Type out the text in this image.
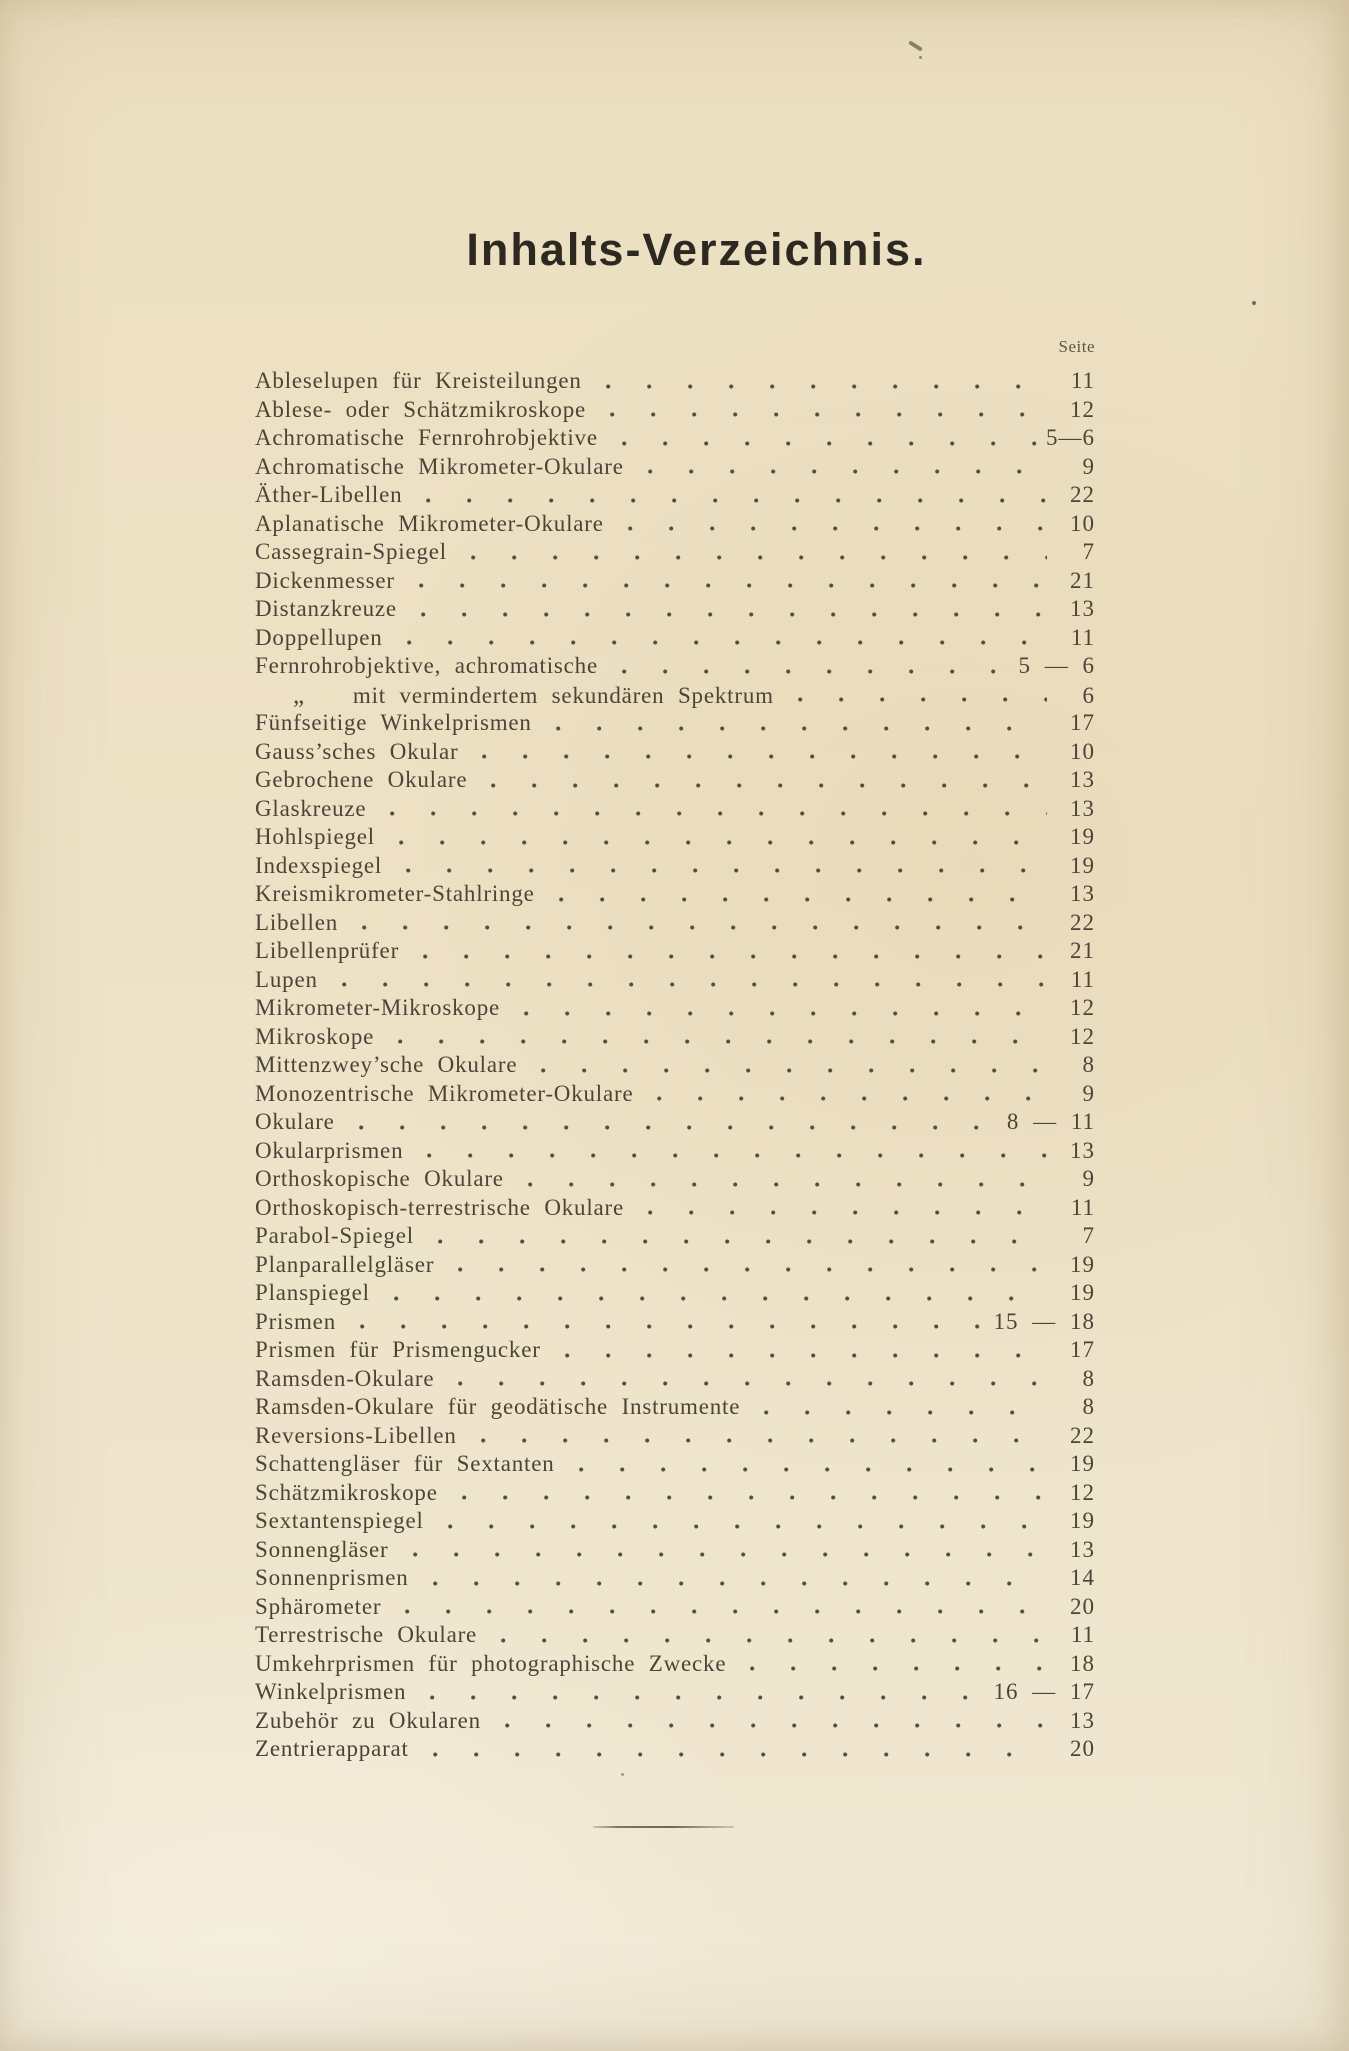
Inhalts-Verzeichnis.
Seite
Ableselupen für Kreisteilungen	11
Ablese- oder Schätzmikroskope	12
Achromatische Fernrohrobjektive	5—6
Achromatische Mikrometer-Okulare	9
Äther-Libellen	22
Aplanatische Mikrometer-Okulare	10
Cassegrain-Spiegel	7
Dickenmesser	21
Distanzkreuze	13
Doppellupen	11
Fernrohrobjektive, achromatische	5 — 6
„ mit vermindertem sekundären Spektrum	6
Fünfseitige Winkelprismen	17
Gauss’sches Okular	10
Gebrochene Okulare	13
Glaskreuze	13
Hohlspiegel	19
Indexspiegel	19
Kreismikrometer-Stahlringe	13
Libellen	22
Libellenprüfer	21
Lupen	11
Mikrometer-Mikroskope	12
Mikroskope	12
Mittenzwey’sche Okulare	8
Monozentrische Mikrometer-Okulare	9
Okulare	8 — 11
Okularprismen	13
Orthoskopische Okulare	9
Orthoskopisch-terrestrische Okulare	11
Parabol-Spiegel	7
Planparallelgläser	19
Planspiegel	19
Prismen	15 — 18
Prismen für Prismengucker	17
Ramsden-Okulare	8
Ramsden-Okulare für geodätische Instrumente	8
Reversions-Libellen	22
Schattengläser für Sextanten	19
Schätzmikroskope	12
Sextantenspiegel	19
Sonnengläser	13
Sonnenprismen	14
Sphärometer	20
Terrestrische Okulare	11
Umkehrprismen für photographische Zwecke	18
Winkelprismen	16 — 17
Zubehör zu Okularen	13
Zentrierapparat	20
